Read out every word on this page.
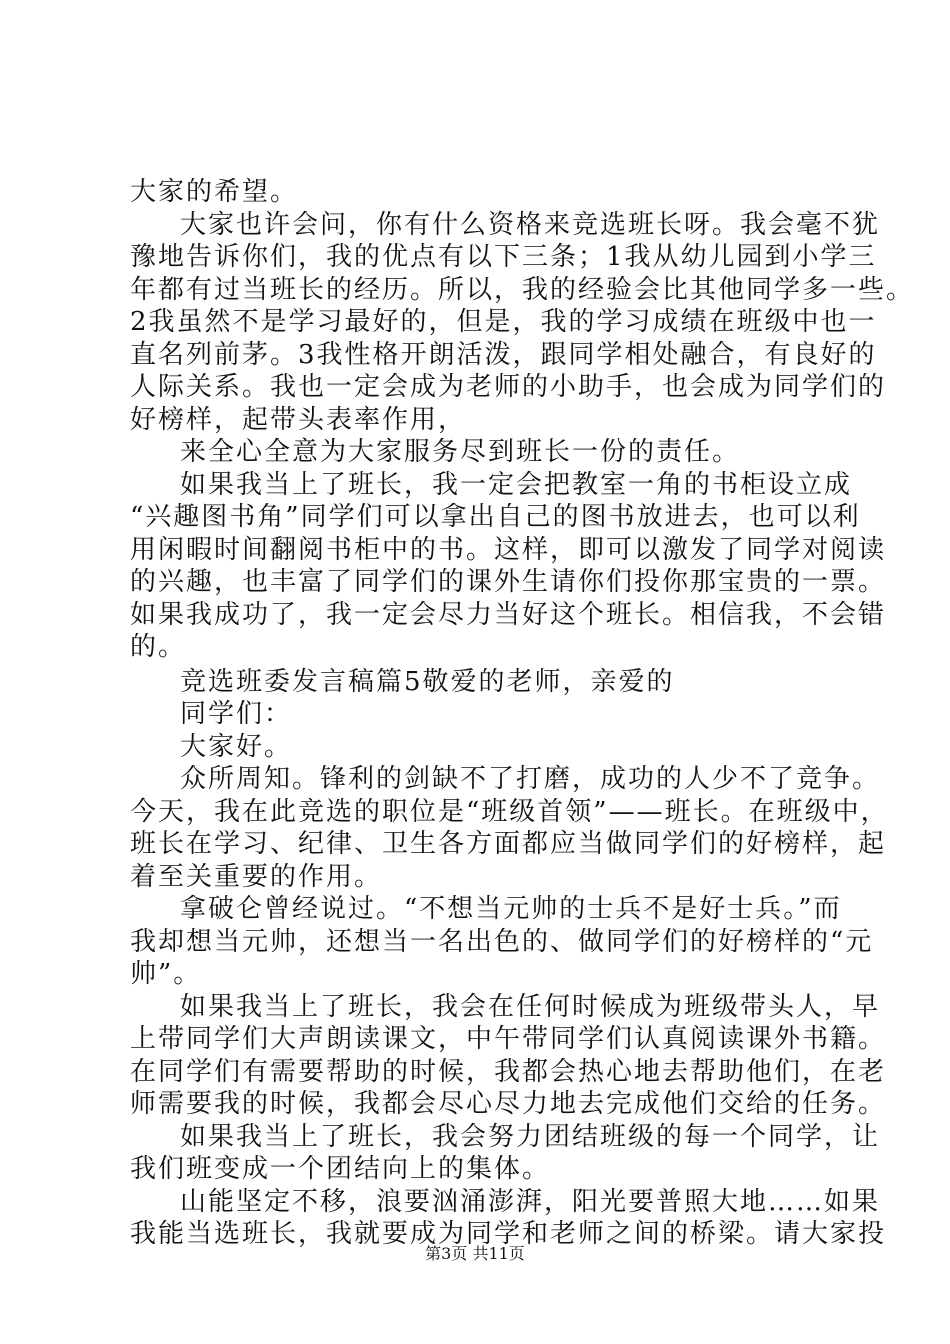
大家的希望。
大家也许会问，你有什么资格来竞选班长呀。我会毫不犹
豫地告诉你们，我的优点有以下三条；1我从幼儿园到小学三
年都有过当班长的经历。所以，我的经验会比其他同学多一些。
2我虽然不是学习最好的，但是，我的学习成绩在班级中也一
直名列前茅。3我性格开朗活泼，跟同学相处融合，有良好的
人际关系。我也一定会成为老师的小助手，也会成为同学们的
好榜样，起带头表率作用，
来全心全意为大家服务尽到班长一份的责任。
如果我当上了班长，我一定会把教室一角的书柜设立成
“兴趣图书角”同学们可以拿出自己的图书放进去，也可以利
用闲暇时间翻阅书柜中的书。这样，即可以激发了同学对阅读
的兴趣，也丰富了同学们的课外生请你们投你那宝贵的一票。
如果我成功了，我一定会尽力当好这个班长。相信我，不会错
的。
竞选班委发言稿篇5敬爱的老师，亲爱的
同学们：
大家好。
众所周知。锋利的剑缺不了打磨，成功的人少不了竞争。
今天，我在此竞选的职位是“班级首领”——班长。在班级中，
班长在学习、纪律、卫生各方面都应当做同学们的好榜样，起
着至关重要的作用。
拿破仑曾经说过。“不想当元帅的士兵不是好士兵。”而
我却想当元帅，还想当一名出色的、做同学们的好榜样的“元
帅”。
如果我当上了班长，我会在任何时候成为班级带头人，早
上带同学们大声朗读课文，中午带同学们认真阅读课外书籍。
在同学们有需要帮助的时候，我都会热心地去帮助他们，在老
师需要我的时候，我都会尽心尽力地去完成他们交给的任务。
如果我当上了班长，我会努力团结班级的每一个同学，让
我们班变成一个团结向上的集体。
山能坚定不移，浪要汹涌澎湃，阳光要普照大地……如果
我能当选班长，我就要成为同学和老师之间的桥梁。请大家投
第3页 共11页
